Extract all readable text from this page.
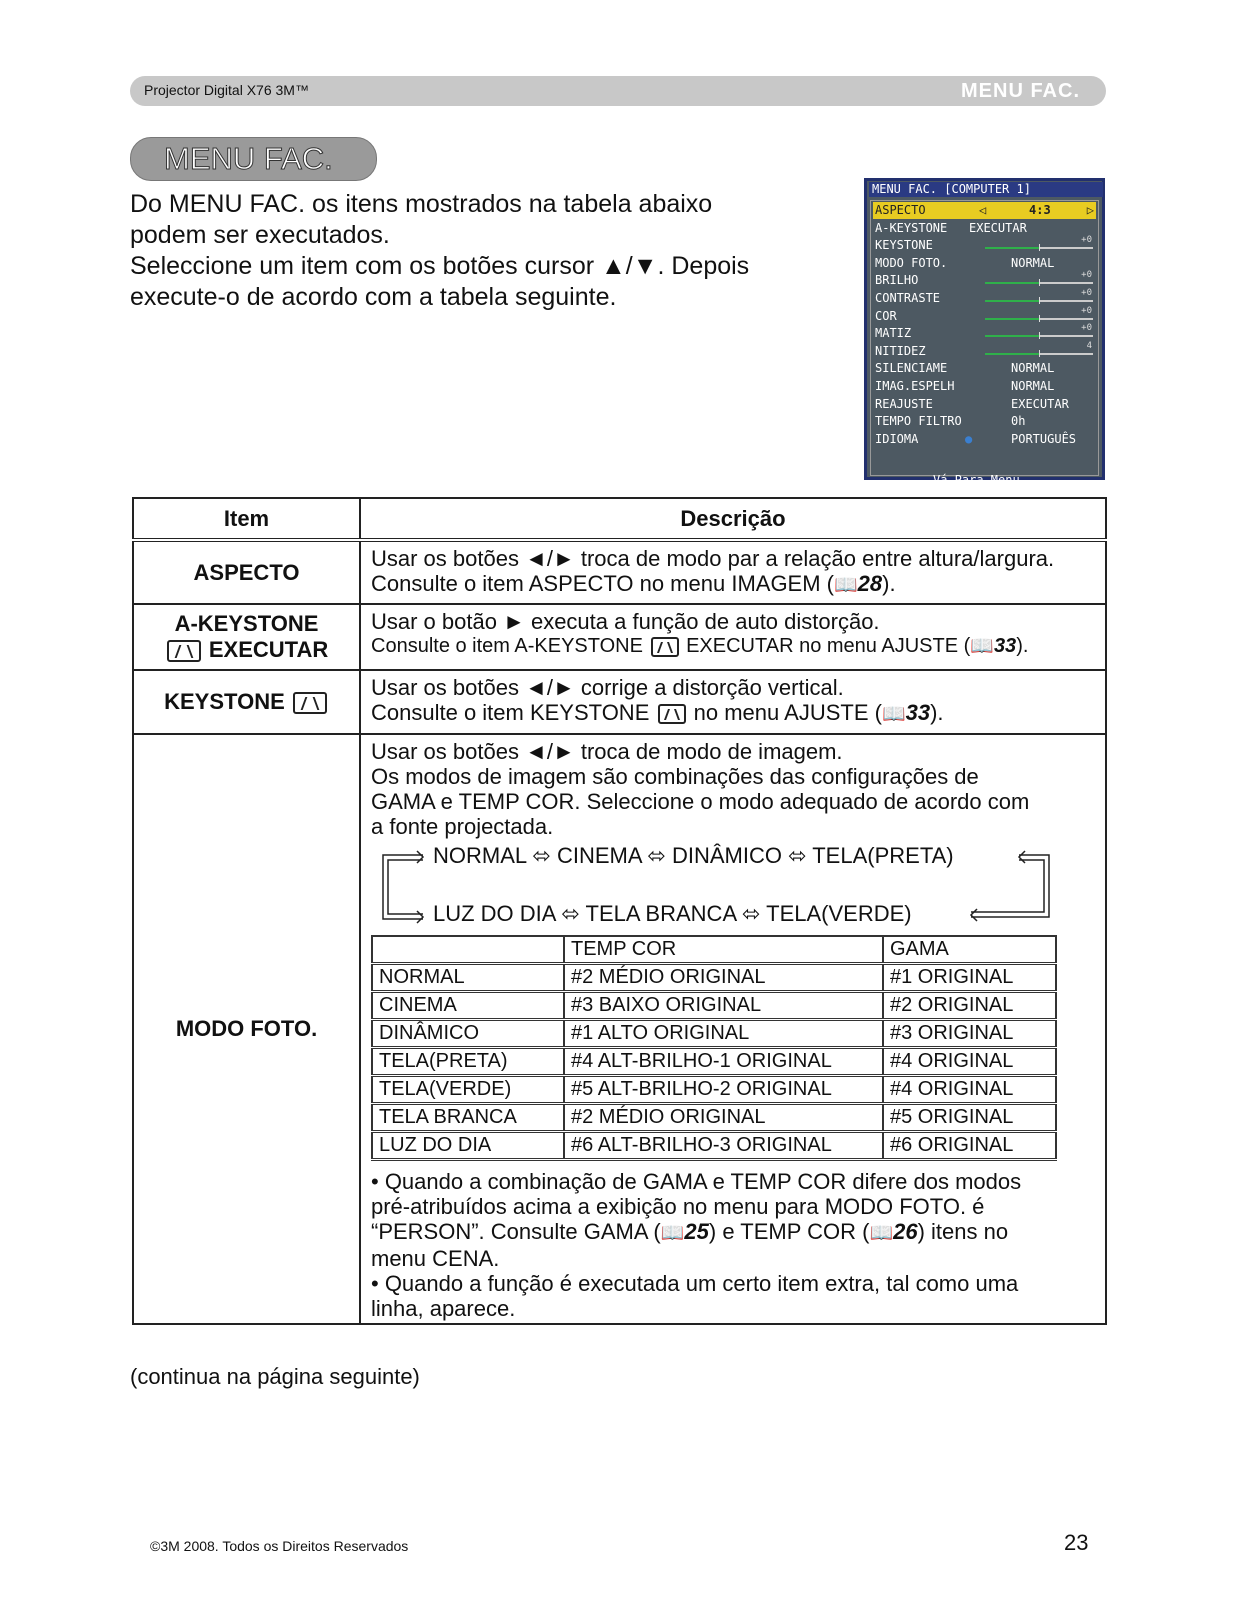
Projector Digital X76 3M™	MENU FAC.
MENU FAC.
Do MENU FAC. os itens mostrados na tabela abaixo
podem ser executados.
Seleccione um item com os botões cursor ▲/▼. Depois
execute-o de acordo com a tabela seguinte.
MENU FAC. [COMPUTER 1]
ASPECTO	◁	▷
4:3
A-KEYSTONE EXECUTAR
KEYSTONE	+0
MODO FOTO.	NORMAL
BRILHO	+0
CONTRASTE	+0
COR	+0
MATIZ	+0
NITIDEZ	4
SILENCIAME	NORMAL
IMAG.ESPELH	NORMAL
REAJUSTE	EXECUTAR
TEMPO FILTRO	0h
IDIOMA	PORTUGUÊS
●
Vá Para Menu Avançado...
Item	Descrição
ASPECTO	
Usar os botões ◄/► troca de modo par a relação entre altura/largura.
Consulte o item ASPECTO no menu IMAGEM (📖28).

A-KEYSTONE
EXECUTAR

Usar o botão ► executa a função de auto distorção.
Consulte o item A-KEYSTONE EXECUTAR no menu AJUSTE (📖33).

KEYSTONE	
Usar os botões ◄/► corrige a distorção vertical.
Consulte o item KEYSTONE no menu AJUSTE (📖33).

MODO FOTO.	
Usar os botões ◄/► troca de modo de imagem.
Os modos de imagem são combinações das configurações de
GAMA e TEMP COR. Seleccione o modo adequado de acordo com
a fonte projectada.
NORMAL ⬄ CINEMA ⬄ DINÂMICO ⬄ TELA(PRETA)
LUZ DO DIA ⬄ TELA BRANCA ⬄ TELA(VERDE)
	TEMP COR	GAMA
NORMAL	#2 MÉDIO ORIGINAL	#1 ORIGINAL
CINEMA	#3 BAIXO ORIGINAL	#2 ORIGINAL
DINÂMICO	#1 ALTO ORIGINAL	#3 ORIGINAL
TELA(PRETA)	#4 ALT-BRILHO-1 ORIGINAL	#4 ORIGINAL
TELA(VERDE)	#5 ALT-BRILHO-2 ORIGINAL	#4 ORIGINAL
TELA BRANCA	#2 MÉDIO ORIGINAL	#5 ORIGINAL
LUZ DO DIA	#6 ALT-BRILHO-3 ORIGINAL	#6 ORIGINAL
• Quando a combinação de GAMA e TEMP COR difere dos modos
pré-atribuídos acima a exibição no menu para MODO FOTO. é
“PERSON”. Consulte GAMA (📖25) e TEMP COR (📖26) itens no
menu CENA.
• Quando a função é executada um certo item extra, tal como uma
linha, aparece.
(continua na página seguinte)
©3M 2008. Todos os Direitos Reservados	23
